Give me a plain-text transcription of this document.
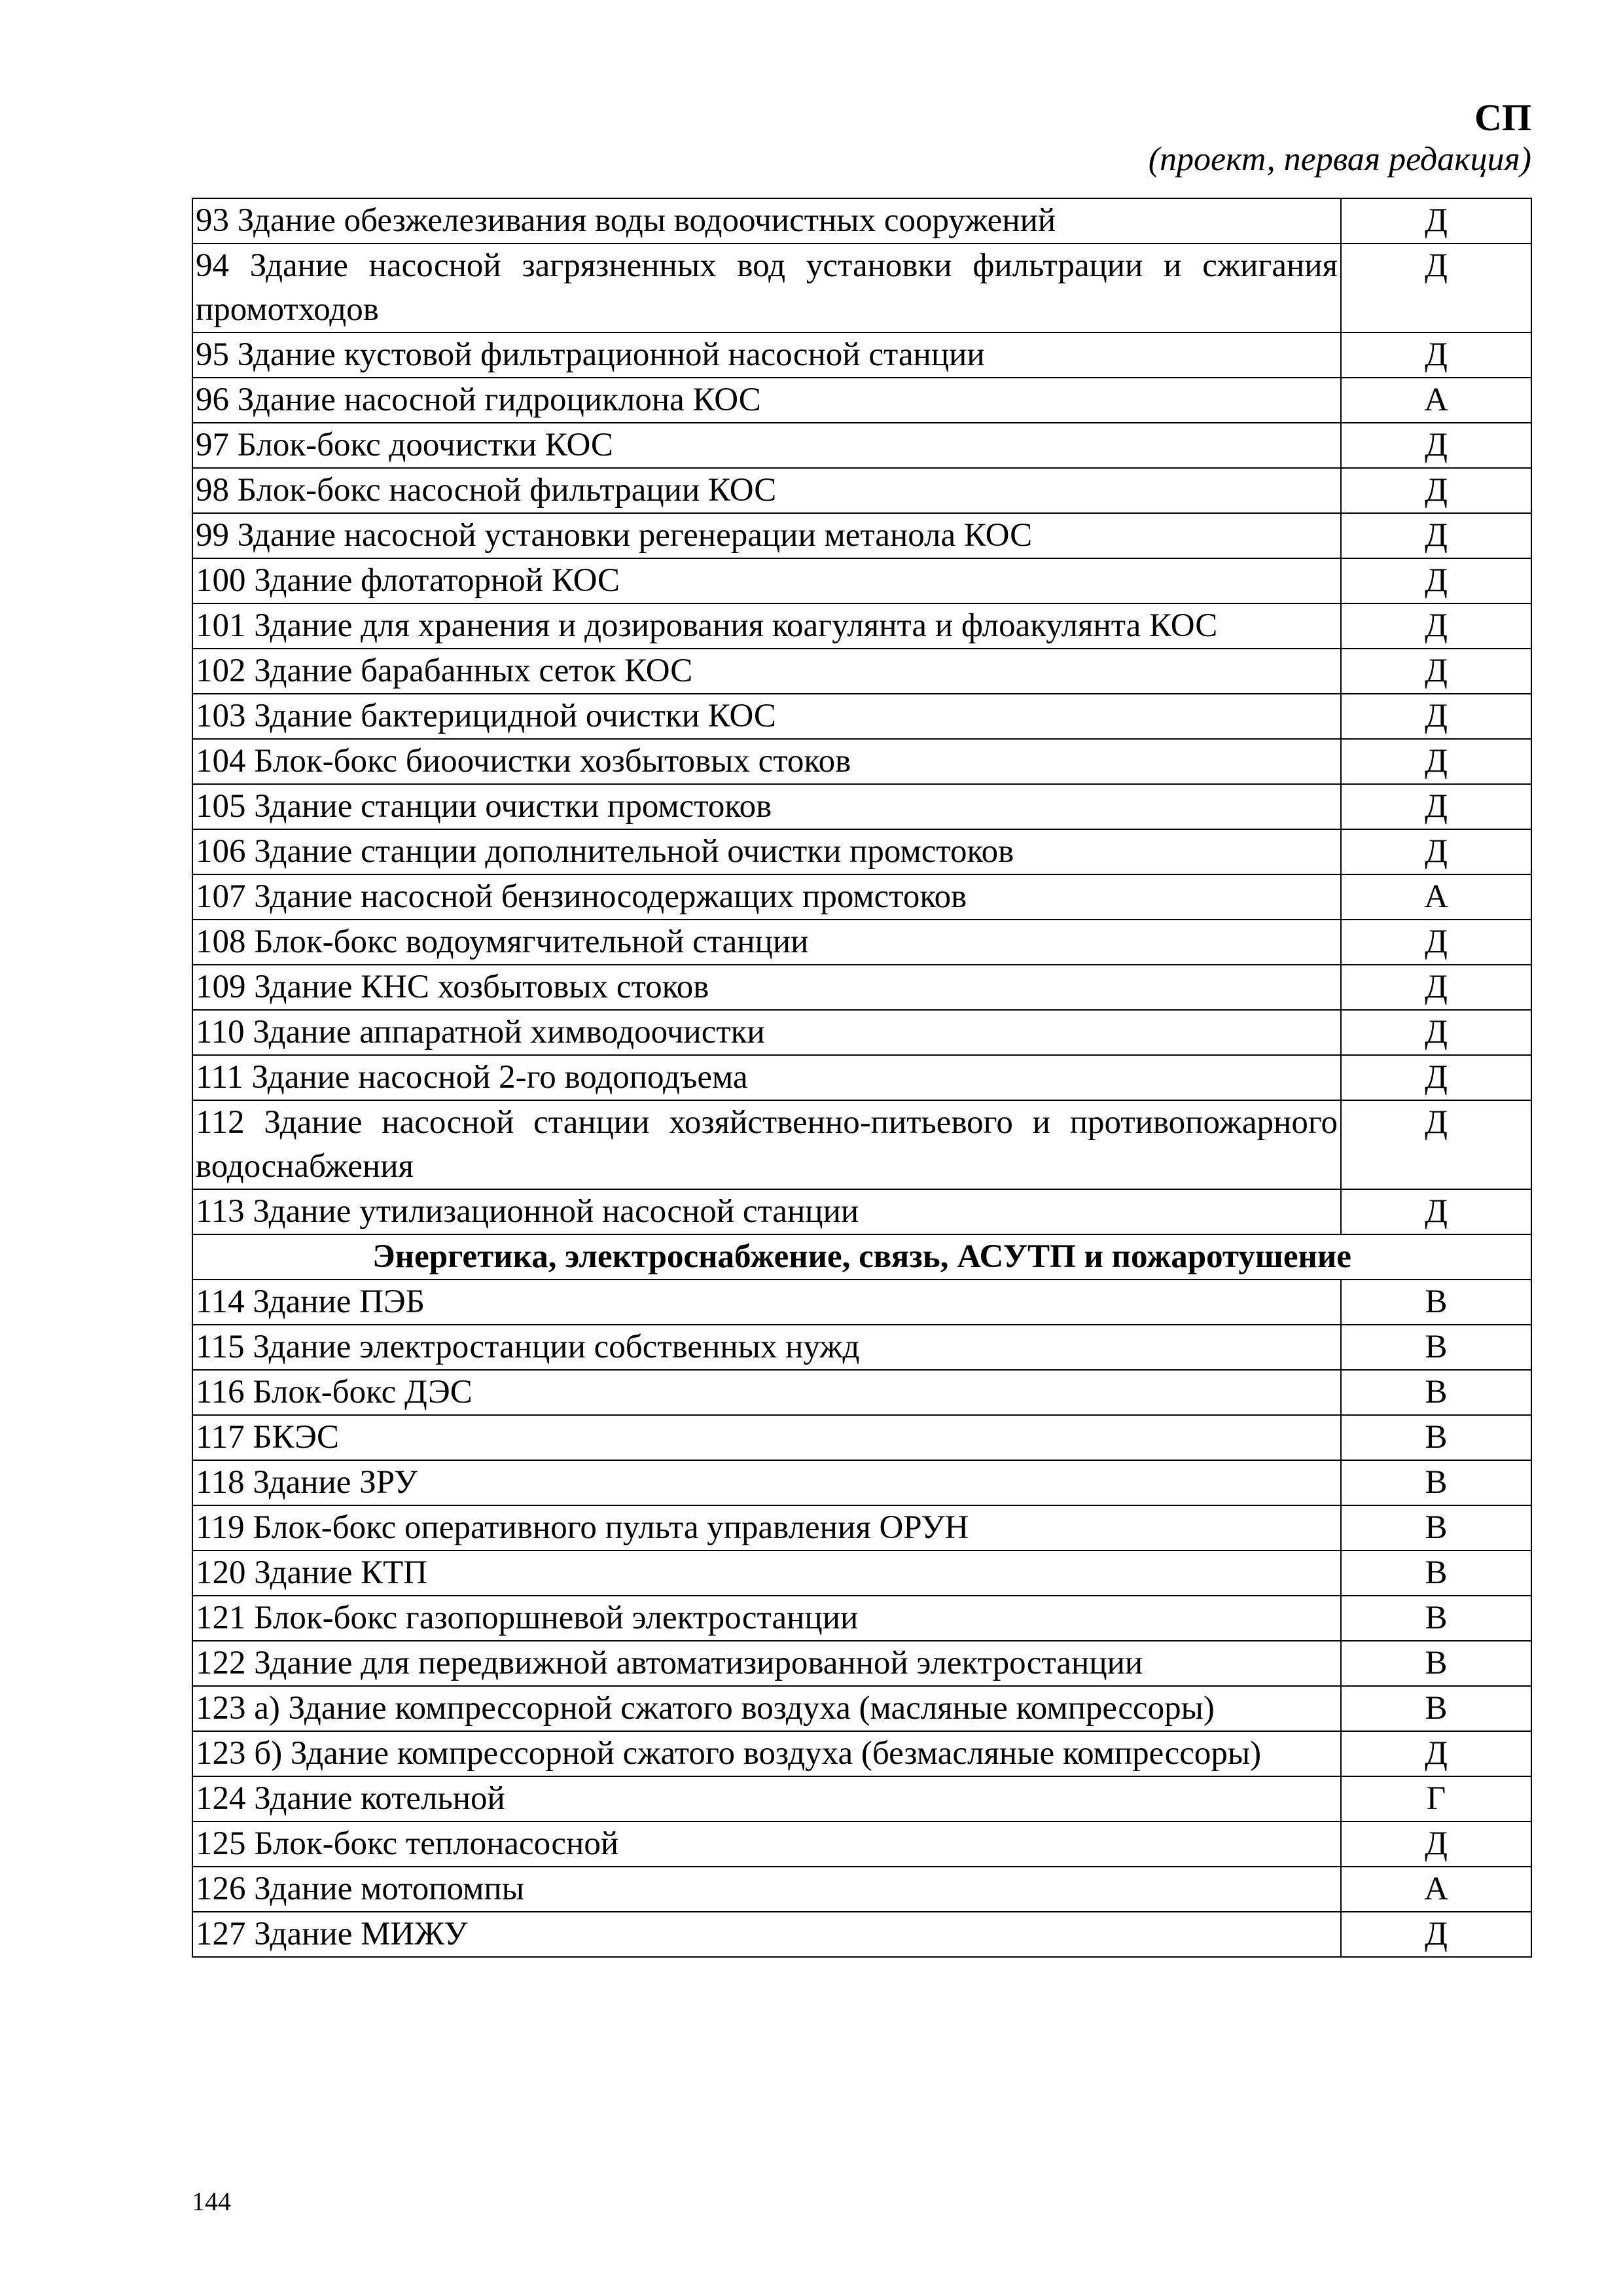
СП
(проект, первая редакция)
93 Здание обезжелезивания воды водоочистных сооружений	Д
94 Здание насосной загрязненных вод установки фильтрации и сжигания промотходов	Д
95 Здание кустовой фильтрационной насосной станции	Д
96 Здание насосной гидроциклона КОС	А
97 Блок-бокс доочистки КОС	Д
98 Блок-бокс насосной фильтрации КОС	Д
99 Здание насосной установки регенерации метанола КОС	Д
100 Здание флотаторной КОС	Д
101 Здание для хранения и дозирования коагулянта и флоакулянта КОС	Д
102 Здание барабанных сеток КОС	Д
103 Здание бактерицидной очистки КОС	Д
104 Блок-бокс биоочистки хозбытовых стоков	Д
105 Здание станции очистки промстоков	Д
106 Здание станции дополнительной очистки промстоков	Д
107 Здание насосной бензиносодержащих промстоков	А
108 Блок-бокс водоумягчительной станции	Д
109 Здание КНС хозбытовых стоков	Д
110 Здание аппаратной химводоочистки	Д
111 Здание насосной 2-го водоподъема	Д
112 Здание насосной станции хозяйственно-питьевого и противопожарного водоснабжения	Д
113 Здание утилизационной насосной станции	Д
Энергетика, электроснабжение, связь, АСУТП и пожаротушение	
114 Здание ПЭБ	В
115 Здание электростанции собственных нужд	В
116 Блок-бокс ДЭС	В
117 БКЭС	В
118 Здание ЗРУ	В
119 Блок-бокс оперативного пульта управления ОРУН	В
120 Здание КТП	В
121 Блок-бокс газопоршневой электростанции	В
122 Здание для передвижной автоматизированной электростанции	В
123 а) Здание компрессорной сжатого воздуха (масляные компрессоры)	В
123 б) Здание компрессорной сжатого воздуха (безмасляные компрессоры)	Д
124 Здание котельной	Г
125 Блок-бокс теплонасосной	Д
126 Здание мотопомпы	А
127 Здание МИЖУ	Д
144
